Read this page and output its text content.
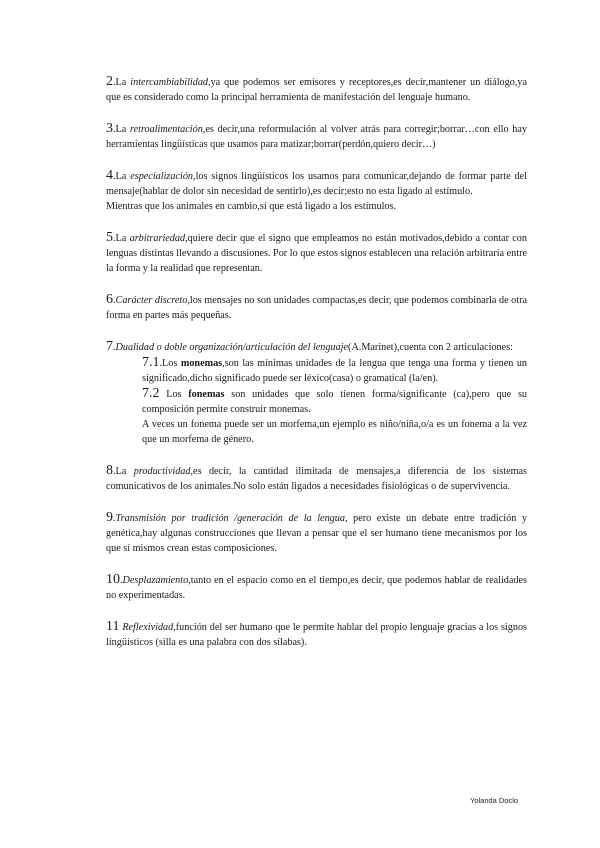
2.La intercambiabilidad,ya que podemos ser emisores y receptores,es decir,mantener un diálogo,ya que es considerado como la principal herramienta de manifestación del lenguaje humano.

3.La retroalimentación,es decir,una reformulación al volver atrás para corregir;borrar…con ello hay herramientas lingüísticas que usamos para matizar;borrar(perdón,quiero decir…)

4.La especialización,los signos lingüísticos los usamos para comunicar,dejando de formar parte del mensaje(hablar de dolor sin necesidad de sentirlo),es decir;esto no esta ligado al estímulo.

Mientras que los animales en cambio,sí que está ligado a los estímulos.

5.La arbitrariedad,quiere decir que el signo que empleamos no están motivados,debido a contar con lenguas distintas llevando a discusiones. Por lo que estos signos establecen una relación arbitraria entre la forma y la realidad que representan.

6.Carácter discreto,los mensajes no son unidades compactas,es decir, que podemos combinarla de otra forma en partes más pequeñas.

7.Dualidad o doble organización/articulación del lenguaje(A.Marinet),cuenta con 2 articulaciones:

7.1.Los monemas,son las mínimas unidades de la lengua que tenga una forma y tienen un significado,dicho significado puede ser léxico(casa) o gramatical (la/en).

7.2 Los fonemas son unidades que solo tienen forma/significante (ca),pero que su composición permite construir monemas.

A veces un fonema puede ser un morfema,un ejemplo es niño/niña,o/a es un fonema a la vez que un morfema de género.

8.La productividad,es decir, la cantidad ilimitada de mensajes,a diferencia de los sistemas comunicativos de los animales.No solo están ligados a necesidades fisiológicas o de supervivencia.

9.Transmisión por tradición /generación de la lengua, pero existe un debate entre tradición y genética,hay algunas construcciones que llevan a pensar que el ser humano tiene mecanismos por los que sí mismos crean estas composiciones.

10.Desplazamiento,tanto en el espacio como en el tiempo,es decir, que podemos hablar de realidades no experimentadas.

11 Reflexividad,función del ser humano que le permite hablar del propio lenguaje gracias a los signos lingüísticos (silla es una palabra con dos sílabas).

Yolanda Doclo
